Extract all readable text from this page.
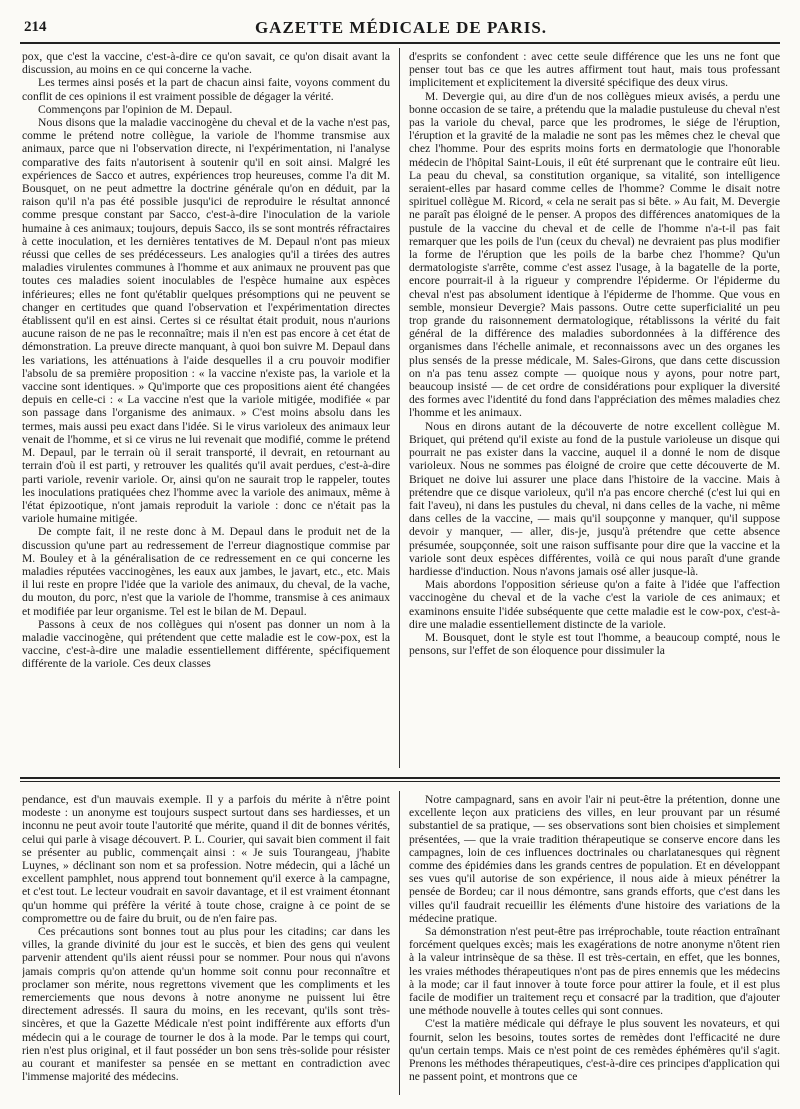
214	GAZETTE MÉDICALE DE PARIS.

pox, que c'est la vaccine, c'est-à-dire ce qu'on savait, ce qu'on disait avant la discussion, au moins en ce qui concerne la vache.

Les termes ainsi posés et la part de chacun ainsi faite, voyons comment du conflit de ces opinions il est vraiment possible de dégager la vérité.

Commençons par l'opinion de M. Depaul.

Nous disons que la maladie vaccinogène du cheval et de la vache n'est pas, comme le prétend notre collègue, la variole de l'homme transmise aux animaux, parce que ni l'observation directe, ni l'expérimentation, ni l'analyse comparative des faits n'autorisent à soutenir qu'il en soit ainsi. Malgré les expériences de Sacco et autres, expériences trop heureuses, comme l'a dit M. Bousquet, on ne peut admettre la doctrine générale qu'on en déduit, par la raison qu'il n'a pas été possible jusqu'ici de reproduire le résultat annoncé comme presque constant par Sacco, c'est-à-dire l'inoculation de la variole humaine à ces animaux; toujours, depuis Sacco, ils se sont montrés réfractaires à cette inoculation, et les dernières tentatives de M. Depaul n'ont pas mieux réussi que celles de ses prédécesseurs. Les analogies qu'il a tirées des autres maladies virulentes communes à l'homme et aux animaux ne prouvent pas que toutes ces maladies soient inoculables de l'espèce humaine aux espèces inférieures; elles ne font qu'établir quelques présomptions qui ne peuvent se changer en certitudes que quand l'observation et l'expérimentation directes établissent qu'il en est ainsi. Certes si ce résultat était produit, nous n'aurions aucune raison de ne pas le reconnaître; mais il n'en est pas encore à cet état de démonstration. La preuve directe manquant, à quoi bon suivre M. Depaul dans les variations, les atténuations à l'aide desquelles il a cru pouvoir modifier l'absolu de sa première proposition : « la vaccine n'existe pas, la variole et la vaccine sont identiques. » Qu'importe que ces propositions aient été changées depuis en celle-ci : « La vaccine n'est que la variole mitigée, modifiée « par son passage dans l'organisme des animaux. » C'est moins absolu dans les termes, mais aussi peu exact dans l'idée. Si le virus varioleux des animaux leur venait de l'homme, et si ce virus ne lui revenait que modifié, comme le prétend M. Depaul, par le terrain où il serait transporté, il devrait, en retournant au terrain d'où il est parti, y retrouver les qualités qu'il avait perdues, c'est-à-dire parti variole, revenir variole. Or, ainsi qu'on ne saurait trop le rappeler, toutes les inoculations pratiquées chez l'homme avec la variole des animaux, même à l'état épizootique, n'ont jamais reproduit la variole : donc ce n'était pas la variole humaine mitigée.

De compte fait, il ne reste donc à M. Depaul dans le produit net de la discussion qu'une part au redressement de l'erreur diagnostique commise par M. Bouley et à la généralisation de ce redressement en ce qui concerne les maladies réputées vaccinogènes, les eaux aux jambes, le javart, etc., etc. Mais il lui reste en propre l'idée que la variole des animaux, du cheval, de la vache, du mouton, du porc, n'est que la variole de l'homme, transmise à ces animaux et modifiée par leur organisme. Tel est le bilan de M. Depaul.

Passons à ceux de nos collègues qui n'osent pas donner un nom à la maladie vaccinogène, qui prétendent que cette maladie est le cow-pox, est la vaccine, c'est-à-dire une maladie essentiellement différente, spécifiquement différente de la variole. Ces deux classes

d'esprits se confondent : avec cette seule différence que les uns ne font que penser tout bas ce que les autres affirment tout haut, mais tous professant implicitement et explicitement la diversité spécifique des deux virus.

M. Devergie qui, au dire d'un de nos collègues mieux avisés, a perdu une bonne occasion de se taire, a prétendu que la maladie pustuleuse du cheval n'est pas la variole du cheval, parce que les prodromes, le siége de l'éruption, l'éruption et la gravité de la maladie ne sont pas les mêmes chez le cheval que chez l'homme. Pour des esprits moins forts en dermatologie que l'honorable médecin de l'hôpital Saint-Louis, il eût été surprenant que le contraire eût lieu. La peau du cheval, sa constitution organique, sa vitalité, son intelligence seraient-elles par hasard comme celles de l'homme? Comme le disait notre spirituel collègue M. Ricord, « cela ne serait pas si bête. » Au fait, M. Devergie ne paraît pas éloigné de le penser. A propos des différences anatomiques de la pustule de la vaccine du cheval et de celle de l'homme n'a-t-il pas fait remarquer que les poils de l'un (ceux du cheval) ne devraient pas plus modifier la forme de l'éruption que les poils de la barbe chez l'homme? Qu'un dermatologiste s'arrête, comme c'est assez l'usage, à la bagatelle de la porte, encore pourrait-il à la rigueur y comprendre l'épiderme. Or l'épiderme du cheval n'est pas absolument identique à l'épiderme de l'homme. Que vous en semble, monsieur Devergie? Mais passons. Outre cette superficialité un peu trop grande du raisonnement dermatologique, rétablissons la vérité du fait général de la différence des maladies subordonnées à la différence des organismes dans l'échelle animale, et reconnaissons avec un des organes les plus sensés de la presse médicale, M. Sales-Girons, que dans cette discussion on n'a pas tenu assez compte — quoique nous y ayons, pour notre part, beaucoup insisté — de cet ordre de considérations pour expliquer la diversité des formes avec l'identité du fond dans l'appréciation des mêmes maladies chez l'homme et les animaux.

Nous en dirons autant de la découverte de notre excellent collègue M. Briquet, qui prétend qu'il existe au fond de la pustule varioleuse un disque qui pourrait ne pas exister dans la vaccine, auquel il a donné le nom de disque varioleux. Nous ne sommes pas éloigné de croire que cette découverte de M. Briquet ne doive lui assurer une place dans l'histoire de la vaccine. Mais à prétendre que ce disque varioleux, qu'il n'a pas encore cherché (c'est lui qui en fait l'aveu), ni dans les pustules du cheval, ni dans celles de la vache, ni même dans celles de la vaccine, — mais qu'il soupçonne y manquer, qu'il suppose devoir y manquer, — aller, dis-je, jusqu'à prétendre que cette absence présumée, soupçonnée, soit une raison suffisante pour dire que la vaccine et la variole sont deux espèces différentes, voilà ce qui nous paraît d'une grande hardiesse d'induction. Nous n'avons jamais osé aller jusque-là.

Mais abordons l'opposition sérieuse qu'on a faite à l'idée que l'affection vaccinogène du cheval et de la vache c'est la variole de ces animaux; et examinons ensuite l'idée subséquente que cette maladie est le cow-pox, c'est-à-dire une maladie essentiellement distincte de la variole.

M. Bousquet, dont le style est tout l'homme, a beaucoup compté, nous le pensons, sur l'effet de son éloquence pour dissimuler la

pendance, est d'un mauvais exemple. Il y a parfois du mérite à n'être point modeste : un anonyme est toujours suspect surtout dans ses hardiesses, et un inconnu ne peut avoir toute l'autorité que mérite, quand il dit de bonnes vérités, celui qui parle à visage découvert. P. L. Courier, qui savait bien comment il fait se présenter au public, commençait ainsi : « Je suis Tourangeau, j'habite Luynes, » déclinant son nom et sa profession. Notre médecin, qui a lâché un excellent pamphlet, nous apprend tout bonnement qu'il exerce à la campagne, et c'est tout. Le lecteur voudrait en savoir davantage, et il est vraiment étonnant qu'un homme qui préfère la vérité à toute chose, craigne à ce point de se compromettre ou de faire du bruit, ou de n'en faire pas.

Ces précautions sont bonnes tout au plus pour les citadins; car dans les villes, la grande divinité du jour est le succès, et bien des gens qui veulent parvenir attendent qu'ils aient réussi pour se nommer. Pour nous qui n'avons jamais compris qu'on attende qu'un homme soit connu pour reconnaître et proclamer son mérite, nous regrettons vivement que les compliments et les remerciements que nous devons à notre anonyme ne puissent lui être directement adressés. Il saura du moins, en les recevant, qu'ils sont très-sincères, et que la Gazette Médicale n'est point indifférente aux efforts d'un médecin qui a le courage de tourner le dos à la mode. Par le temps qui court, rien n'est plus original, et il faut posséder un bon sens très-solide pour résister au courant et manifester sa pensée en se mettant en contradiction avec l'immense majorité des médecins.

Notre campagnard, sans en avoir l'air ni peut-être la prétention, donne une excellente leçon aux praticiens des villes, en leur prouvant par un résumé substantiel de sa pratique, — ses observations sont bien choisies et simplement présentées, — que la vraie tradition thérapeutique se conserve encore dans les campagnes, loin de ces influences doctrinales ou charlatanesques qui règnent comme des épidémies dans les grands centres de population. Et en développant ses vues qu'il autorise de son expérience, il nous aide à mieux pénétrer la pensée de Bordeu; car il nous démontre, sans grands efforts, que c'est dans les villes qu'il faudrait recueillir les éléments d'une histoire des variations de la médecine pratique.

Sa démonstration n'est peut-être pas irréprochable, toute réaction entraînant forcément quelques excès; mais les exagérations de notre anonyme n'ôtent rien à la valeur intrinsèque de sa thèse. Il est très-certain, en effet, que les bonnes, les vraies méthodes thérapeutiques n'ont pas de pires ennemis que les médecins à la mode; car il faut innover à toute force pour attirer la foule, et il est plus facile de modifier un traitement reçu et consacré par la tradition, que d'ajouter une méthode nouvelle à toutes celles qui sont connues.

C'est la matière médicale qui défraye le plus souvent les novateurs, et qui fournit, selon les besoins, toutes sortes de remèdes dont l'efficacité ne dure qu'un certain temps. Mais ce n'est point de ces remèdes éphémères qu'il s'agit. Prenons les méthodes thérapeutiques, c'est-à-dire ces principes d'application qui ne passent point, et montrons que ce
